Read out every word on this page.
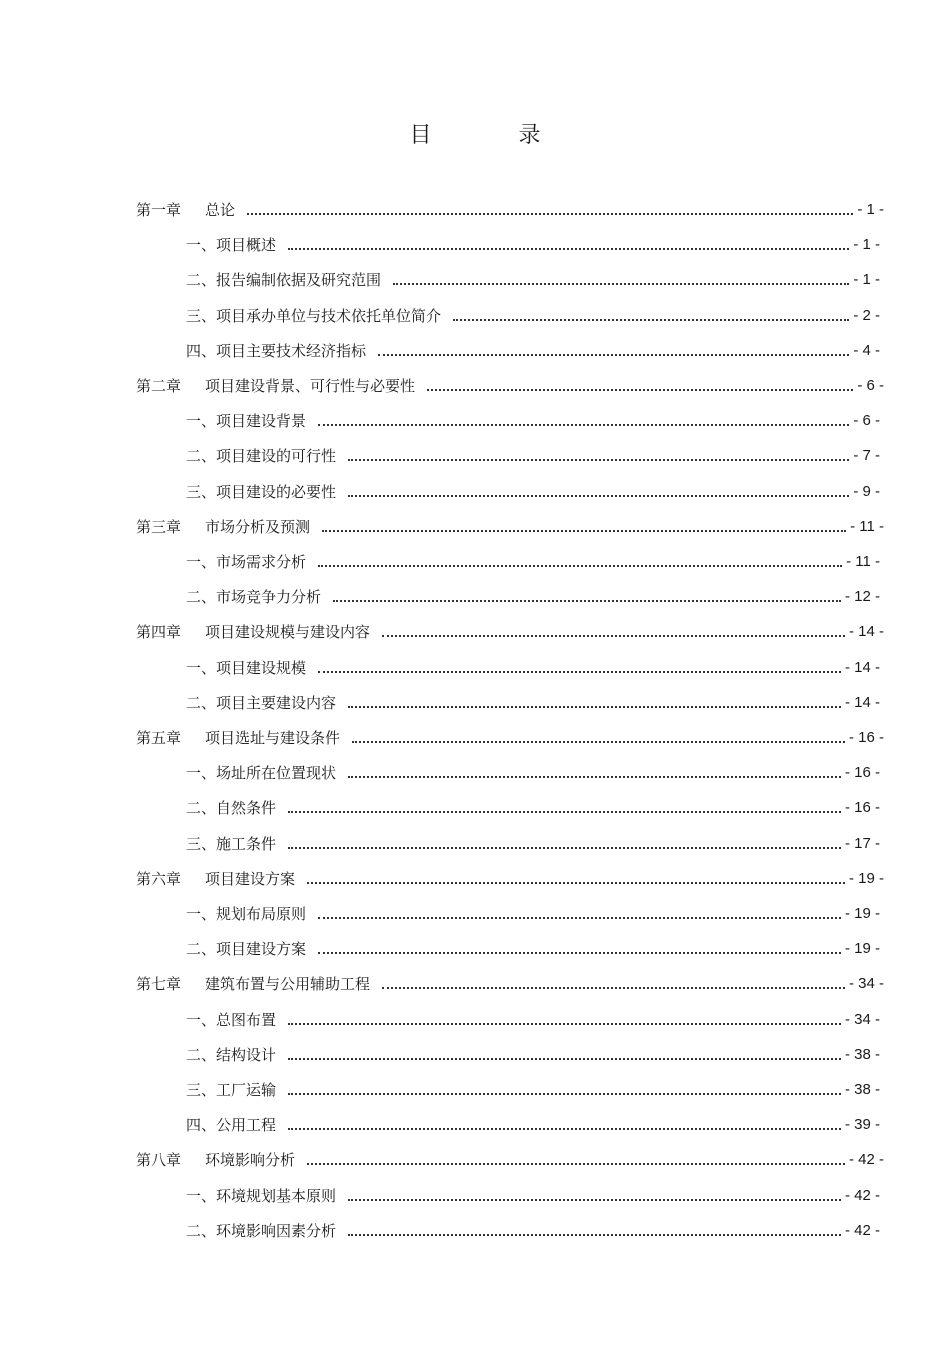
目 录
第一章 总论	- 1 -
一、项目概述	- 1 -
二、报告编制依据及研究范围	- 1 -
三、项目承办单位与技术依托单位简介	- 2 -
四、项目主要技术经济指标	- 4 -
第二章 项目建设背景、可行性与必要性	- 6 -
一、项目建设背景	- 6 -
二、项目建设的可行性	- 7 -
三、项目建设的必要性	- 9 -
第三章 市场分析及预测	- 11 -
一、市场需求分析	- 11 -
二、市场竞争力分析	- 12 -
第四章 项目建设规模与建设内容	- 14 -
一、项目建设规模	- 14 -
二、项目主要建设内容	- 14 -
第五章 项目选址与建设条件	- 16 -
一、场址所在位置现状	- 16 -
二、自然条件	- 16 -
三、施工条件	- 17 -
第六章 项目建设方案	- 19 -
一、规划布局原则	- 19 -
二、项目建设方案	- 19 -
第七章 建筑布置与公用辅助工程	- 34 -
一、总图布置	- 34 -
二、结构设计	- 38 -
三、工厂运输	- 38 -
四、公用工程	- 39 -
第八章 环境影响分析	- 42 -
一、环境规划基本原则	- 42 -
二、环境影响因素分析	- 42 -
